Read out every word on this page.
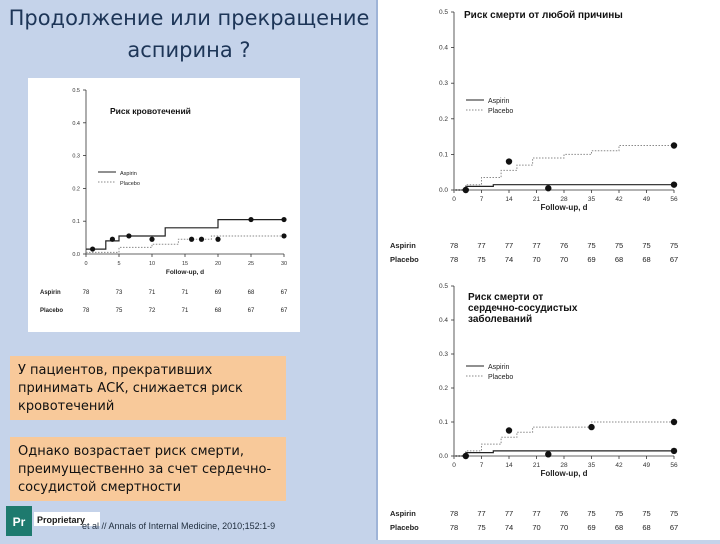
Продолжение или прекращение аспирина ?
0.0
0.1
0.2
0.3
0.4
0.5
0	5	10	15	20	25	30
Follow-up, d
Риск кровотечений
Aspirin
Placebo
Aspirin	78	73	71	71	69	68	67
Placebo	78	75	72	71	68	67	67
У пациентов, прекративших принимать АСК, снижается риск кровотечений
Однако возрастает риск смерти, преимущественно за счет сердечно-сосудистой смертности
Pr Proprietary
et al // Annals of Internal Medicine, 2010;152:1-9
0.0
0.1
0.2
0.3
0.4
0.5
0	7	14	21	28	35	42	49	56
Follow-up, d
Риск смерти от любой причины
Aspirin
Placebo
Aspirin	78	77	77	77	76	75	75	75	75
Placebo	78	75	74	70	70	69	68	68	67
0.0
0.1
0.2
0.3
0.4
0.5
0	7	14	21	28	35	42	49	56
Follow-up, d
Риск смерти от
сердечно-сосудистых
заболеваний
Aspirin
Placebo
Aspirin	78	77	77	77	76	75	75	75	75
Placebo	78	75	74	70	70	69	68	68	67
